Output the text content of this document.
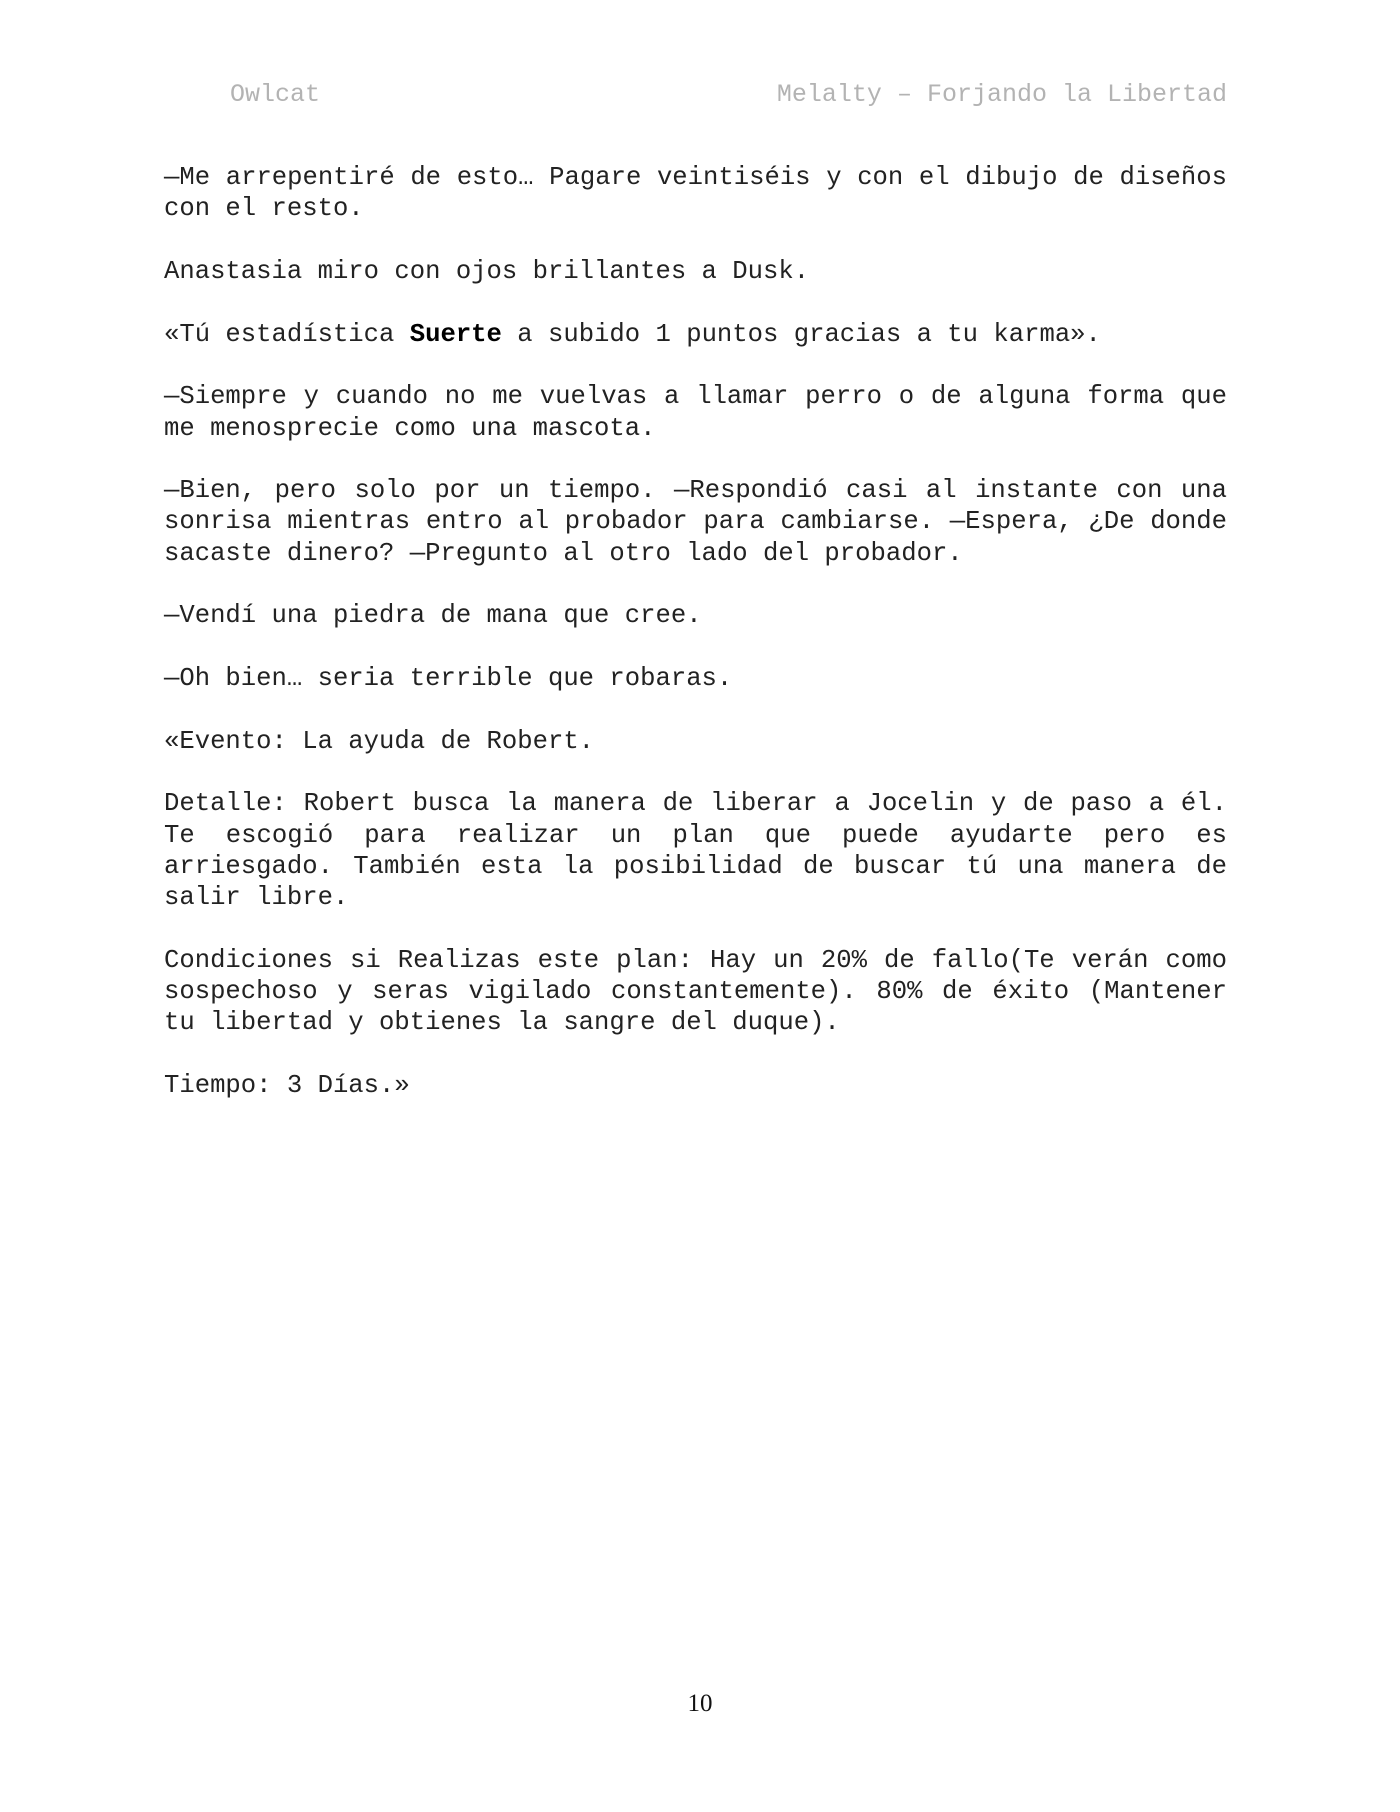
Owlcat	Melalty – Forjando la Libertad

—Me arrepentiré de esto… Pagare veintiséis y con el dibujo de diseños con el resto.

Anastasia miro con ojos brillantes a Dusk.

«Tú estadística Suerte a subido 1 puntos gracias a tu karma».

—Siempre y cuando no me vuelvas a llamar perro o de alguna forma que me menosprecie como una mascota.

—Bien, pero solo por un tiempo. —Respondió casi al instante con una sonrisa mientras entro al probador para cambiarse. —Espera, ¿De donde sacaste dinero? —Pregunto al otro lado del probador.

—Vendí una piedra de mana que cree.

—Oh bien… seria terrible que robaras.

«Evento: La ayuda de Robert.

Detalle: Robert busca la manera de liberar a Jocelin y de paso a él. Te escogió para realizar un plan que puede ayudarte pero es arriesgado. También esta la posibilidad de buscar tú una manera de salir libre.

Condiciones si Realizas este plan: Hay un 20% de fallo(Te verán como sospechoso y seras vigilado constantemente). 80% de éxito (Mantener tu libertad y obtienes la sangre del duque).

Tiempo: 3 Días.»

10
